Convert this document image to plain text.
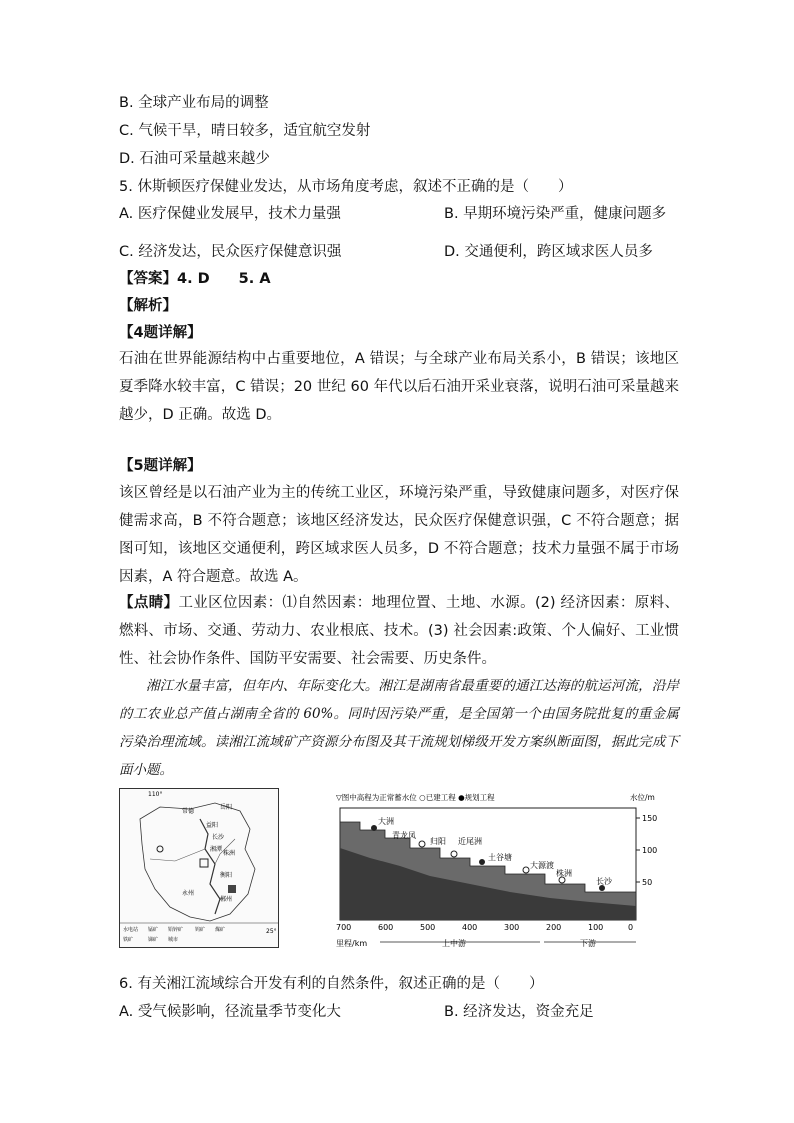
B. 全球产业布局的调整
C. 气候干旱，晴日较多，适宜航空发射
D. 石油可采量越来越少
5. 休斯顿医疗保健业发达，从市场角度考虑，叙述不正确的是（　　）
A. 医疗保健业发展早，技术力量强	B. 早期环境污染严重，健康问题多
C. 经济发达，民众医疗保健意识强	D. 交通便利，跨区域求医人员多
【答案】4. D　　5. A
【解析】
【4题详解】
石油在世界能源结构中占重要地位，A 错误；与全球产业布局关系小，B 错误；该地区夏季降水较丰富，C 错误；20 世纪 60 年代以后石油开采业衰落，说明石油可采量越来越少，D 正确。故选 D。
【5题详解】
该区曾经是以石油产业为主的传统工业区，环境污染严重，导致健康问题多，对医疗保健需求高，B 不符合题意；该地区经济发达，民众医疗保健意识强，C 不符合题意；据图可知，该地区交通便利，跨区域求医人员多，D 不符合题意；技术力量强不属于市场因素，A 符合题意。故选 A。
【点睛】工业区位因素：⑴自然因素：地理位置、土地、水源。(2) 经济因素：原料、燃料、市场、交通、劳动力、农业根底、技术。(3) 社会因素:政策、个人偏好、工业惯性、社会协作条件、国防平安需要、社会需要、历史条件。
湘江水量丰富，但年内、年际变化大。湘江是湖南省最重要的通江达海的航运河流，沿岸的工农业总产值占湖南全省的 60%。同时因污染严重，是全国第一个由国务院批复的重金属污染治理流域。读湘江流域矿产资源分布图及其干流规划梯级开发方案纵断面图，据此完成下面小题。
110°
25°
常德
益阳
长沙
湘潭
株洲
衡阳
永州
郴州
岳阳
水电站 锰矿 铅锌矿 钨矿 煤矿
铁矿	锑矿 城市
▽图中高程为正常蓄水位 ○已建工程 ●规划工程	水位/m
150
100
50
大洲
青龙凤
归阳 近尾洲
土谷塘
大源渡
株洲
长沙
700	600	500	400	300	200	100	0
里程/km	上中游	下游
6. 有关湘江流域综合开发有利的自然条件，叙述正确的是（　　）
A. 受气候影响，径流量季节变化大	B. 经济发达，资金充足
